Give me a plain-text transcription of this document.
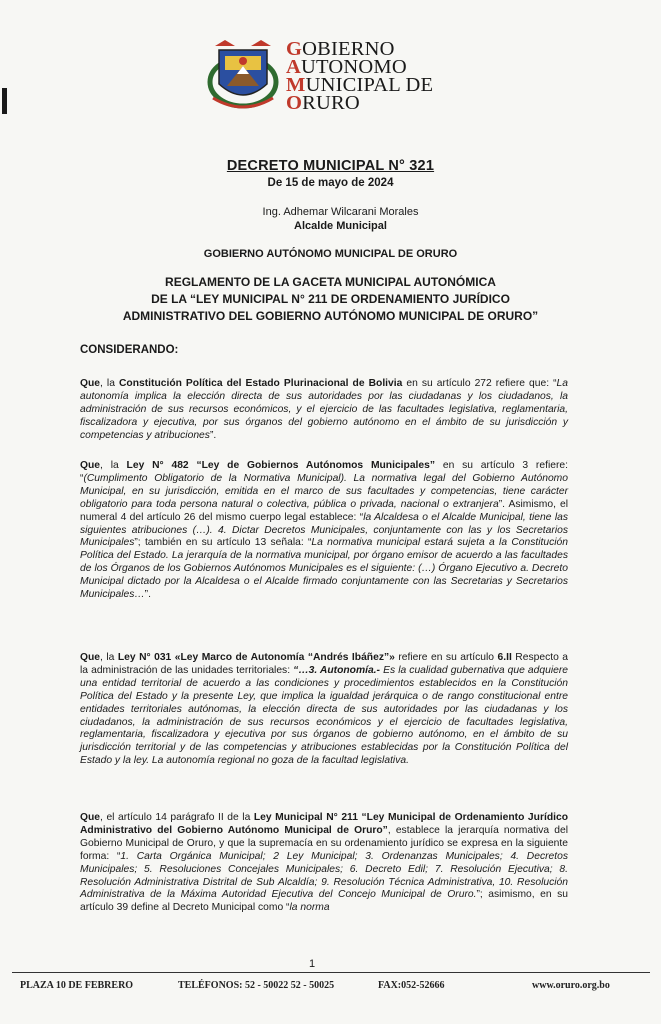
GOBIERNO
AUTONOMO
MUNICIPAL DE
ORURO
DECRETO MUNICIPAL N° 321
De 15 de mayo de 2024
Ing. Adhemar Wilcarani Morales
Alcalde Municipal
GOBIERNO AUTÓNOMO MUNICIPAL DE ORURO
REGLAMENTO DE LA GACETA MUNICIPAL AUTONÓMICA
DE LA “LEY MUNICIPAL N° 211 DE ORDENAMIENTO JURÍDICO
ADMINISTRATIVO DEL GOBIERNO AUTÓNOMO MUNICIPAL DE ORURO”
CONSIDERANDO:
Que, la Constitución Política del Estado Plurinacional de Bolivia en su artículo 272 refiere que: “La autonomía implica la elección directa de sus autoridades por las ciudadanas y los ciudadanos, la administración de sus recursos económicos, y el ejercicio de las facultades legislativa, reglamentaria, fiscalizadora y ejecutiva, por sus órganos del gobierno autónomo en el ámbito de su jurisdicción y competencias y atribuciones”.
Que, la Ley N° 482 “Ley de Gobiernos Autónomos Municipales” en su artículo 3 refiere: “(Cumplimento Obligatorio de la Normativa Municipal). La normativa legal del Gobierno Autónomo Municipal, en su jurisdicción, emitida en el marco de sus facultades y competencias, tiene carácter obligatorio para toda persona natural o colectiva, pública o privada, nacional o extranjera”. Asimismo, el numeral 4 del artículo 26 del mismo cuerpo legal establece: “la Alcaldesa o el Alcalde Municipal, tiene las siguientes atribuciones (…). 4. Dictar Decretos Municipales, conjuntamente con las y los Secretarios Municipales”; también en su artículo 13 señala: “La normativa municipal estará sujeta a la Constitución Política del Estado. La jerarquía de la normativa municipal, por órgano emisor de acuerdo a las facultades de los Órganos de los Gobiernos Autónomos Municipales es el siguiente: (…) Órgano Ejecutivo a. Decreto Municipal dictado por la Alcaldesa o el Alcalde firmado conjuntamente con las Secretarias y Secretarios Municipales…”.
Que, la Ley N° 031 «Ley Marco de Autonomía “Andrés Ibáñez”» refiere en su artículo 6.II Respecto a la administración de las unidades territoriales: “…3. Autonomía.- Es la cualidad gubernativa que adquiere una entidad territorial de acuerdo a las condiciones y procedimientos establecidos en la Constitución Política del Estado y la presente Ley, que implica la igualdad jerárquica o de rango constitucional entre entidades territoriales autónomas, la elección directa de sus autoridades por las ciudadanas y los ciudadanos, la administración de sus recursos económicos y el ejercicio de facultades legislativa, reglamentaria, fiscalizadora y ejecutiva por sus órganos de gobierno autónomo, en el ámbito de su jurisdicción territorial y de las competencias y atribuciones establecidas por la Constitución Política del Estado y la ley. La autonomía regional no goza de la facultad legislativa.
Que, el artículo 14 parágrafo II de la Ley Municipal N° 211 “Ley Municipal de Ordenamiento Jurídico Administrativo del Gobierno Autónomo Municipal de Oruro”, establece la jerarquía normativa del Gobierno Municipal de Oruro, y que la supremacía en su ordenamiento jurídico se expresa en la siguiente forma: “1. Carta Orgánica Municipal; 2 Ley Municipal; 3. Ordenanzas Municipales; 4. Decretos Municipales; 5. Resoluciones Concejales Municipales; 6. Decreto Edil; 7. Resolución Ejecutiva; 8. Resolución Administrativa Distrital de Sub Alcaldía; 9. Resolución Técnica Administrativa, 10. Resolución Administrativa de la Máxima Autoridad Ejecutiva del Concejo Municipal de Oruro.”; asimismo, en su artículo 39 define al Decreto Municipal como “la norma
1
PLAZA 10 DE FEBRERO	TELÉFONOS: 52 - 50022 52 - 50025	FAX:052-52666	www.oruro.org.bo
